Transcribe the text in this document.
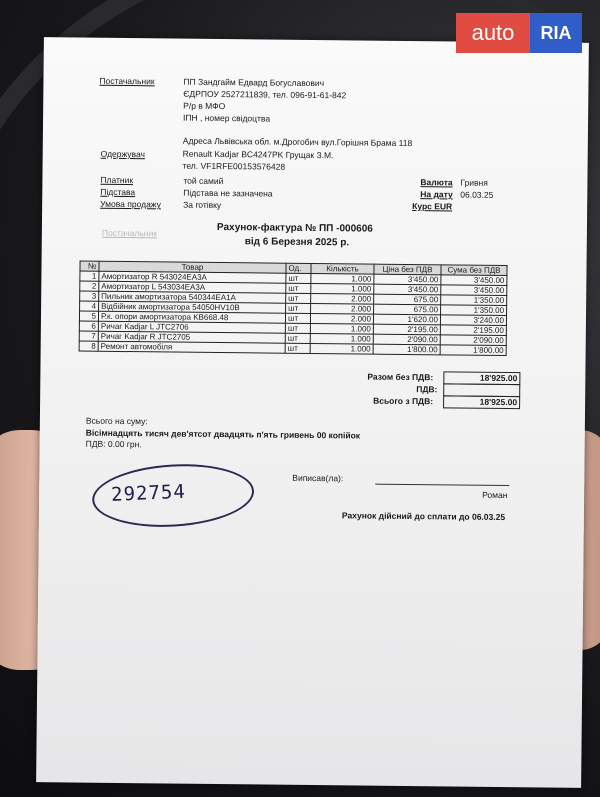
Постачальник	ПП Зандгайм Едвард Богуславович
ЄДРПОУ 2527211839, тел. 096-91-61-842
Р/р в МФО
ІПН , номер свідоцтва
Адреса Львівська обл. м.Дрогобич вул.Горішня Брама 118
Одержувач	Renault Kadjar BC4247PK Грущак З.М.
тел. VF1RFE00153576428
Платник	той самий
Підстава	Підстава не зазначена
Умова продажу	За готівку
Валюта Гривня
На дату 06.03.25
Курс EUR
Постачальник	Рахунок-фактура № ПП -000606
від 6 Березня 2025 р.
№	Товар	Од.	Кількість	Ціна без ПДВ	Сума без ПДВ
1	Амортизатор R 543024EA3A	шт	1.000	3'450.00	3'450.00
2	Амортизатор L 543034EA3A	шт	1.000	3'450.00	3'450.00
3	Пильник амортизатора 540344EA1A	шт	2.000	675.00	1'350.00
4	Відбійник амортизатора 54050HV10B	шт	2.000	675.00	1'350.00
5	Р.к. опори амортизатора KB668.48	шт	2.000	1'620.00	3'240.00
6	Ричаг Kadjar L JTC2706	шт	1.000	2'195.00	2'195.00
7	Ричаг Kadjar R JTC2705	шт	1.000	2'090.00	2'090.00
8	Ремонт автомобіля	шт	1.000	1'800.00	1'800.00
Разом без ПДВ:	18'925.00
ПДВ:
Всього з ПДВ:	18'925.00
Всього на суму:
Вісімнадцять тисяч дев'ятсот двадцять п'ять гривень 00 копійок
ПДВ: 0.00 грн.
Виписав(ла):
Роман
Рахунок дійсний до сплати до 06.03.25
292754
auto	RIA
